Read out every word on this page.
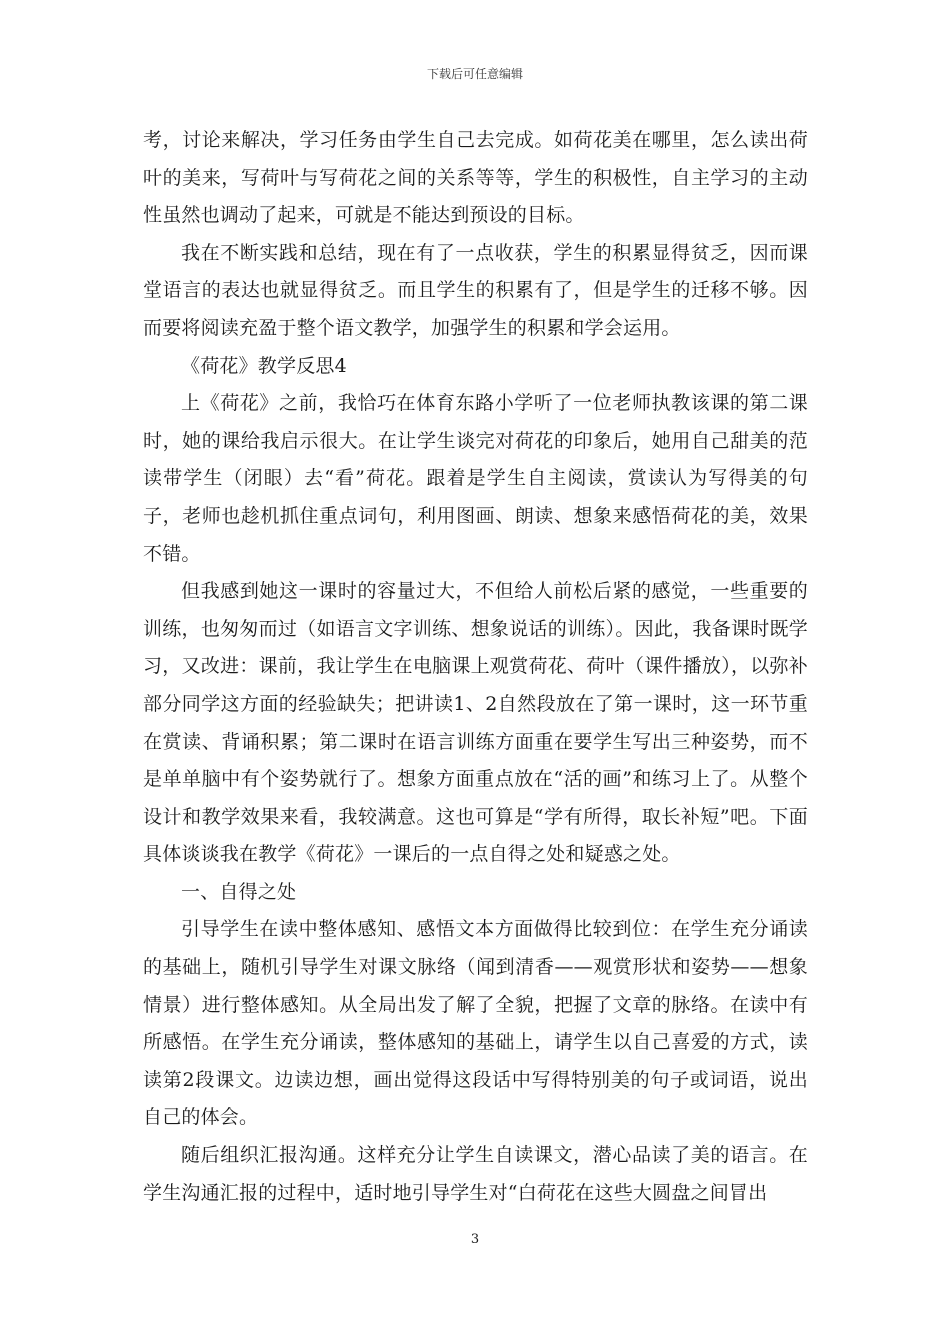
下载后可任意编辑

考，讨论来解决，学习任务由学生自己去完成。如荷花美在哪里，怎么读出荷叶的美来，写荷叶与写荷花之间的关系等等，学生的积极性，自主学习的主动性虽然也调动了起来，可就是不能达到预设的目标。

我在不断实践和总结，现在有了一点收获，学生的积累显得贫乏，因而课堂语言的表达也就显得贫乏。而且学生的积累有了，但是学生的迁移不够。因而要将阅读充盈于整个语文教学，加强学生的积累和学会运用。

《荷花》教学反思4

上《荷花》之前，我恰巧在体育东路小学听了一位老师执教该课的第二课时，她的课给我启示很大。在让学生谈完对荷花的印象后，她用自己甜美的范读带学生（闭眼）去“看”荷花。跟着是学生自主阅读，赏读认为写得美的句子，老师也趁机抓住重点词句，利用图画、朗读、想象来感悟荷花的美，效果不错。

但我感到她这一课时的容量过大，不但给人前松后紧的感觉，一些重要的训练，也匆匆而过（如语言文字训练、想象说话的训练）。因此，我备课时既学习，又改进：课前，我让学生在电脑课上观赏荷花、荷叶（课件播放），以弥补部分同学这方面的经验缺失；把讲读1、2自然段放在了第一课时，这一环节重在赏读、背诵积累；第二课时在语言训练方面重在要学生写出三种姿势，而不是单单脑中有个姿势就行了。想象方面重点放在“活的画”和练习上了。从整个设计和教学效果来看，我较满意。这也可算是“学有所得，取长补短”吧。下面具体谈谈我在教学《荷花》一课后的一点自得之处和疑惑之处。

一、自得之处

引导学生在读中整体感知、感悟文本方面做得比较到位：在学生充分诵读的基础上，随机引导学生对课文脉络（闻到清香——观赏形状和姿势——想象情景）进行整体感知。从全局出发了解了全貌，把握了文章的脉络。在读中有所感悟。在学生充分诵读，整体感知的基础上，请学生以自己喜爱的方式，读读第2段课文。边读边想，画出觉得这段话中写得特别美的句子或词语，说出自己的体会。

随后组织汇报沟通。这样充分让学生自读课文，潜心品读了美的语言。在学生沟通汇报的过程中，适时地引导学生对“白荷花在这些大圆盘之间冒出

3
